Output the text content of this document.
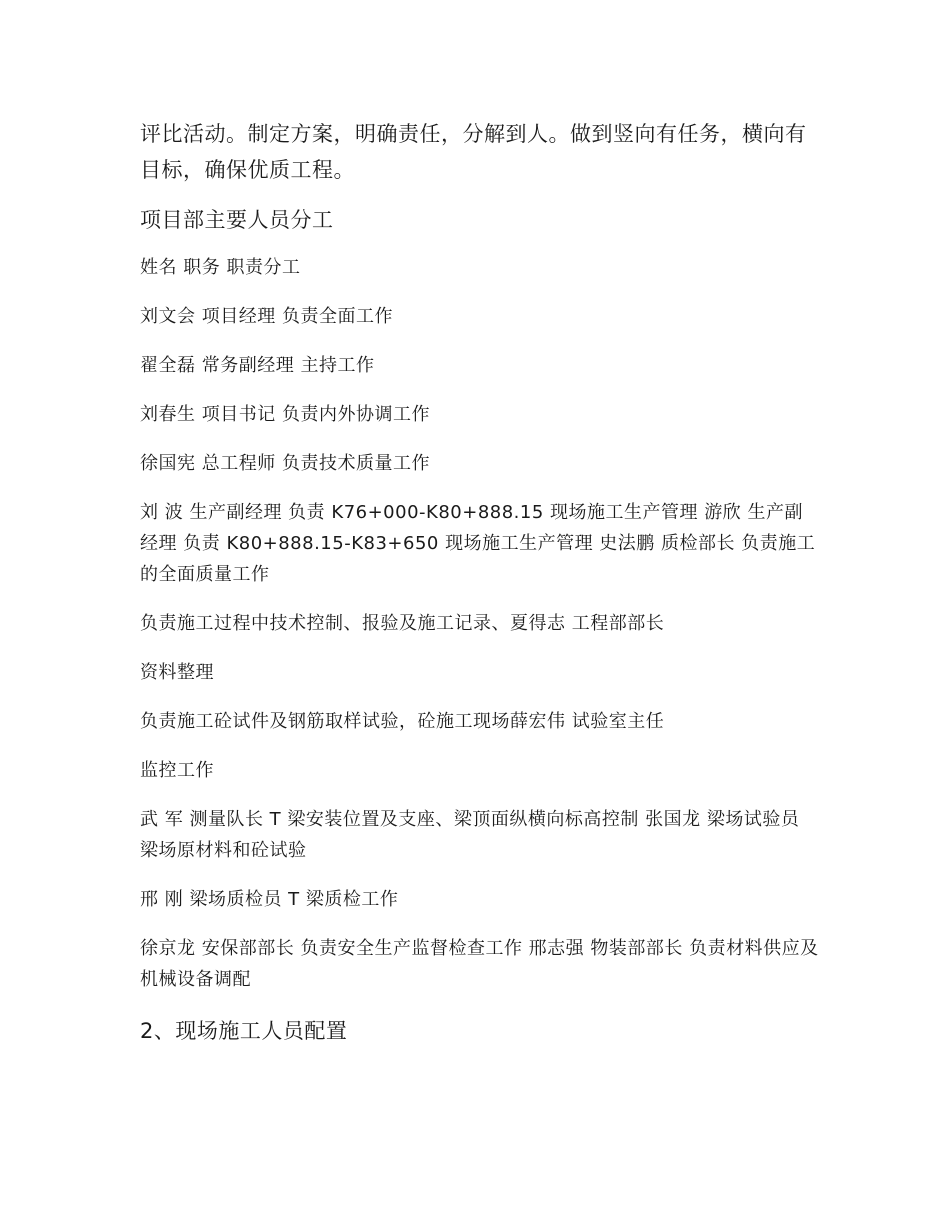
评比活动。制定方案，明确责任，分解到人。做到竖向有任务，横向有目标，确保优质工程。

项目部主要人员分工

姓名 职务 职责分工

刘文会 项目经理 负责全面工作

翟全磊 常务副经理 主持工作

刘春生 项目书记 负责内外协调工作

徐国宪 总工程师 负责技术质量工作

刘 波 生产副经理 负责 K76+000-K80+888.15 现场施工生产管理 游欣 生产副经理 负责 K80+888.15-K83+650 现场施工生产管理 史法鹏 质检部长 负责施工的全面质量工作

负责施工过程中技术控制、报验及施工记录、夏得志 工程部部长

资料整理

负责施工砼试件及钢筋取样试验，砼施工现场薛宏伟 试验室主任

监控工作

武 军 测量队长 T 梁安装位置及支座、梁顶面纵横向标高控制 张国龙 梁场试验员 梁场原材料和砼试验

邢 刚 梁场质检员 T 梁质检工作

徐京龙 安保部部长 负责安全生产监督检查工作 邢志强 物装部部长 负责材料供应及机械设备调配

2、现场施工人员配置
